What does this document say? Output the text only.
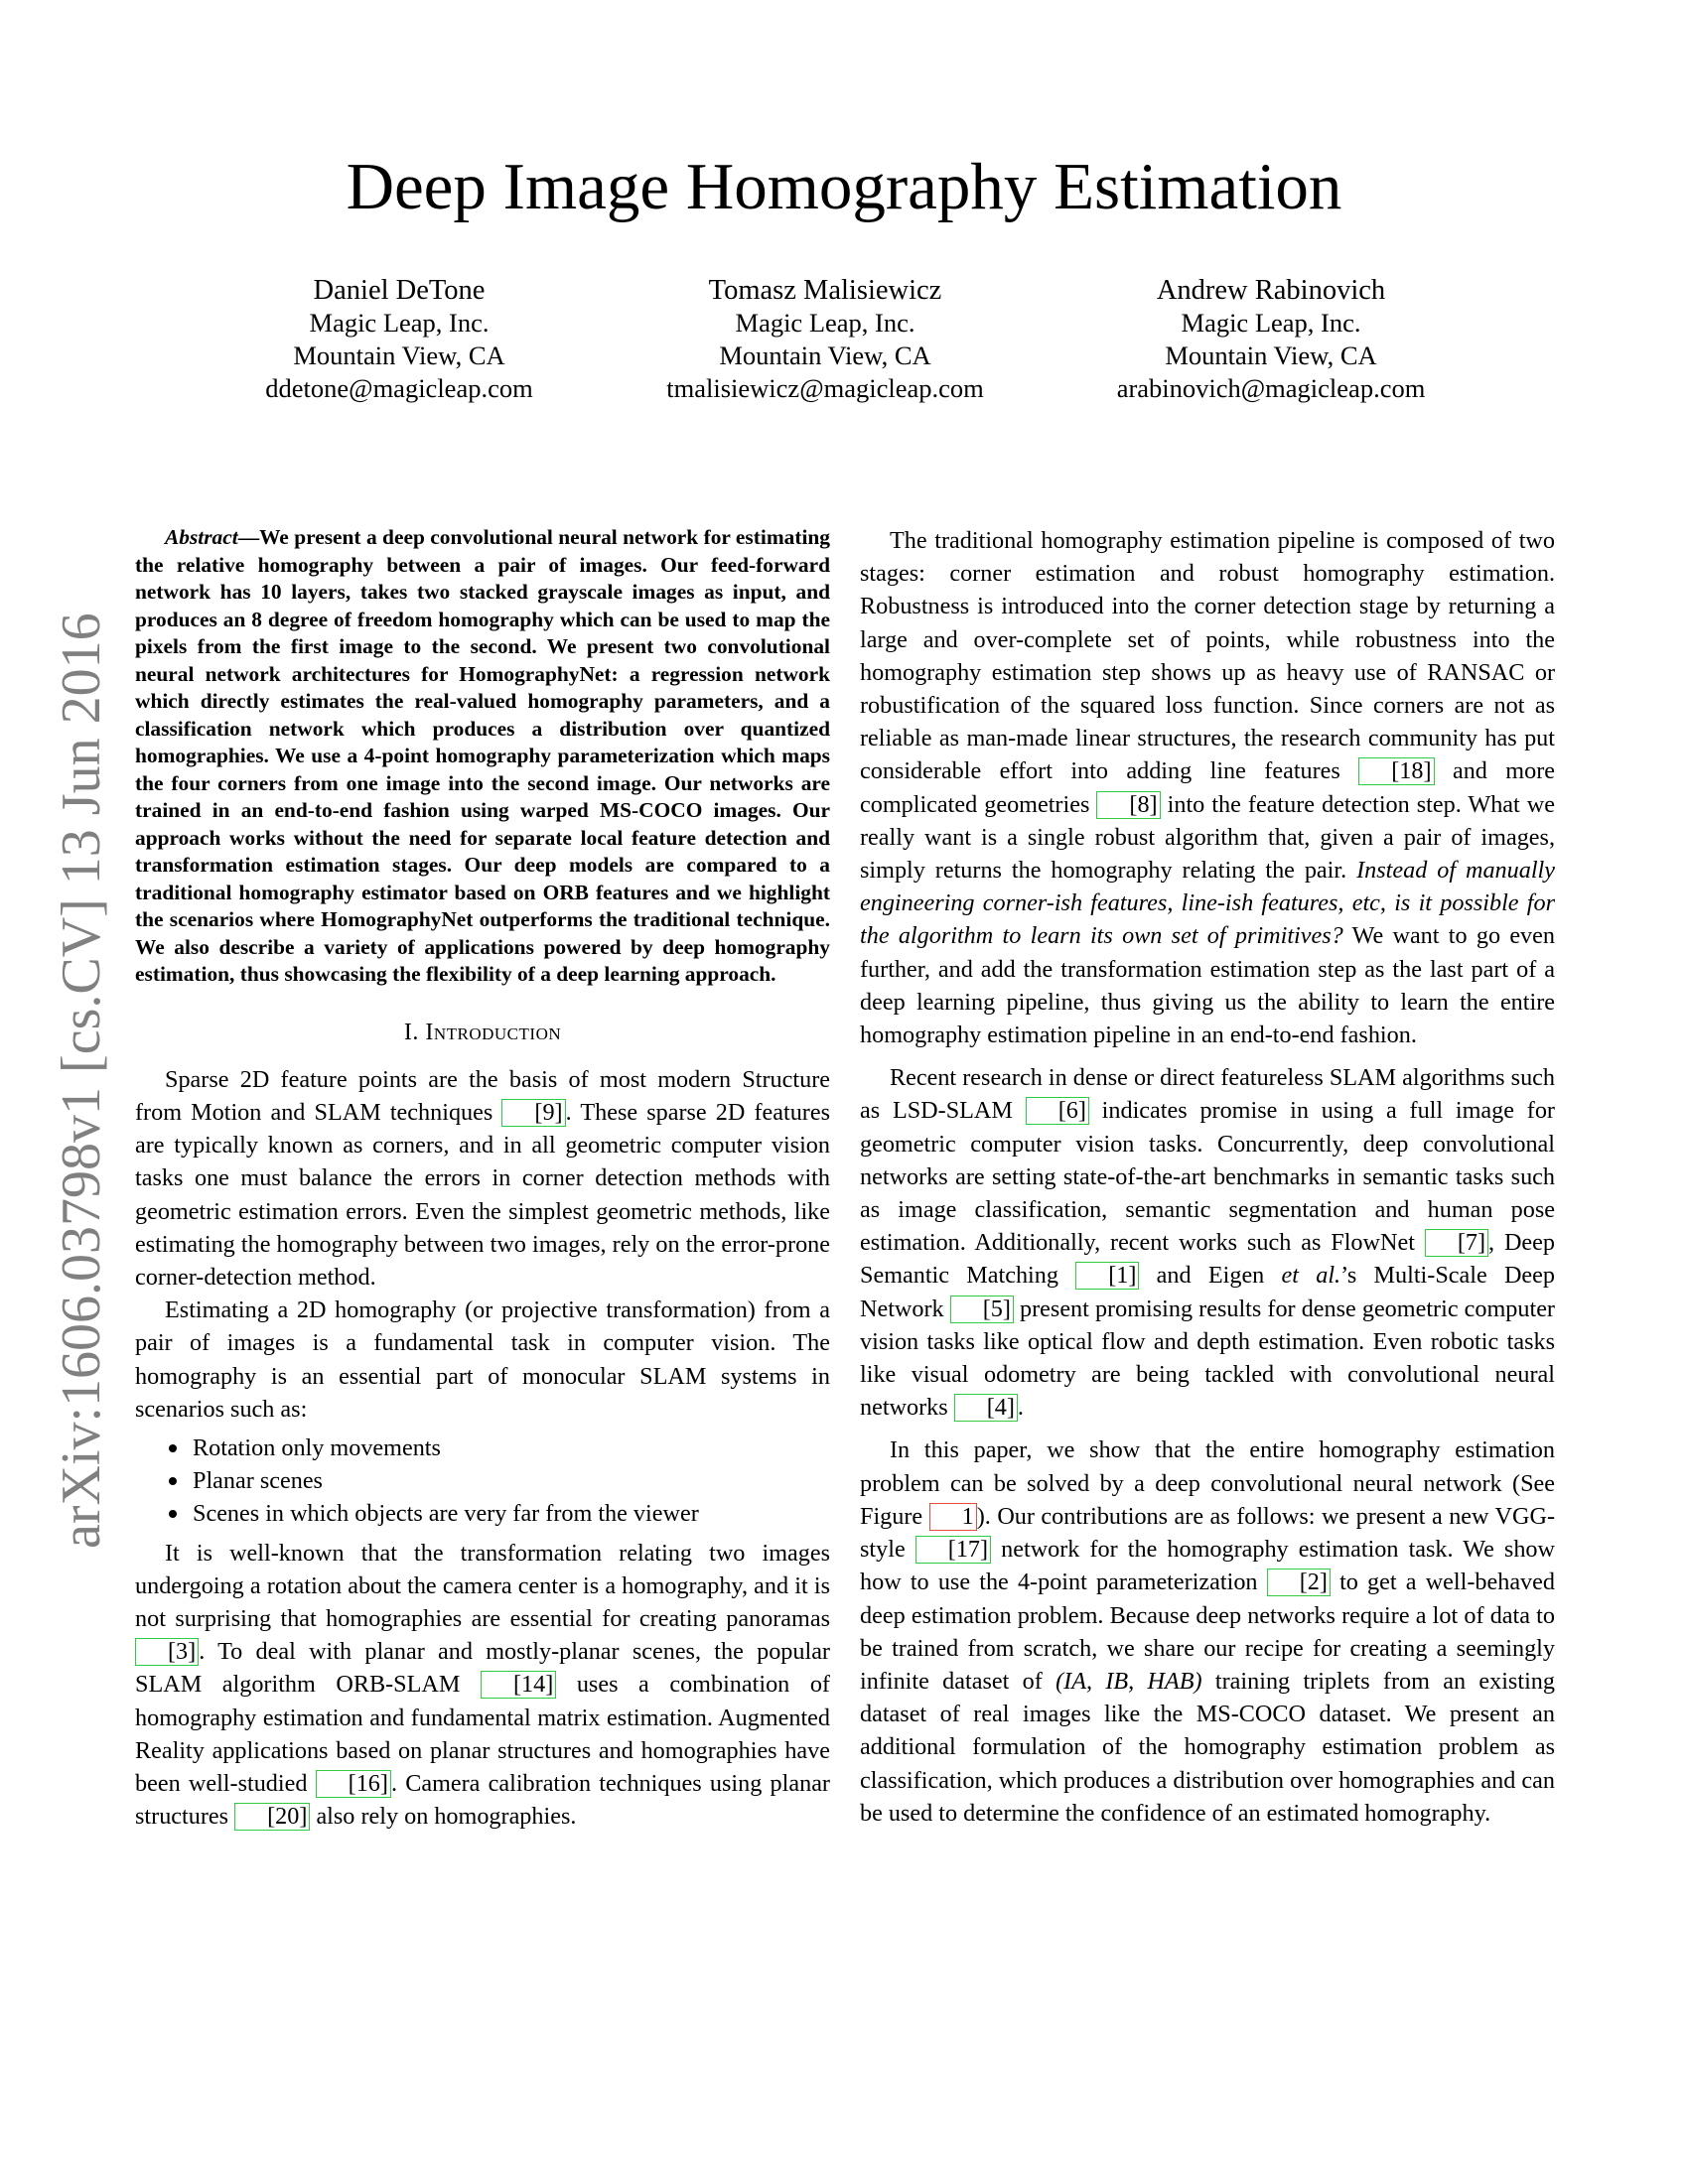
Deep Image Homography Estimation
Daniel DeTone
Magic Leap, Inc.
Mountain View, CA
ddetone@magicleap.com
Tomasz Malisiewicz
Magic Leap, Inc.
Mountain View, CA
tmalisiewicz@magicleap.com
Andrew Rabinovich
Magic Leap, Inc.
Mountain View, CA
arabinovich@magicleap.com
arXiv:1606.03798v1 [cs.CV] 13 Jun 2016

Abstract—We present a deep convolutional neural network for estimating the relative homography between a pair of images. Our feed-forward network has 10 layers, takes two stacked grayscale images as input, and produces an 8 degree of freedom homography which can be used to map the pixels from the first image to the second. We present two convolutional neural network architectures for HomographyNet: a regression network which directly estimates the real-valued homography parameters, and a classification network which produces a distribution over quantized homographies. We use a 4-point homography parameterization which maps the four corners from one image into the second image. Our networks are trained in an end-to-end fashion using warped MS-COCO images. Our approach works without the need for separate local feature detection and transformation estimation stages. Our deep models are compared to a traditional homography estimator based on ORB features and we highlight the scenarios where HomographyNet outperforms the traditional technique. We also describe a variety of applications powered by deep homography estimation, thus showcasing the flexibility of a deep learning approach.

I. Introduction

Sparse 2D feature points are the basis of most modern Structure from Motion and SLAM techniques [9] . These sparse 2D features are typically known as corners, and in all geometric computer vision tasks one must balance the errors in corner detection methods with geometric estimation errors. Even the simplest geometric methods, like estimating the homography between two images, rely on the error-prone corner-detection method.

Estimating a 2D homography (or projective transformation) from a pair of images is a fundamental task in computer vision. The homography is an essential part of monocular SLAM systems in scenarios such as:

Rotation only movements
Planar scenes
Scenes in which objects are very far from the viewer

It is well-known that the transformation relating two images undergoing a rotation about the camera center is a homography, and it is not surprising that homographies are essential for creating panoramas [3] . To deal with planar and mostly-planar scenes, the popular SLAM algorithm ORB-SLAM [14] uses a combination of homography estimation and fundamental matrix estimation. Augmented Reality applications based on planar structures and homographies have been well-studied [16] . Camera calibration techniques using planar structures [20] also rely on homographies.

The traditional homography estimation pipeline is composed of two stages: corner estimation and robust homography estimation. Robustness is introduced into the corner detection stage by returning a large and over-complete set of points, while robustness into the homography estimation step shows up as heavy use of RANSAC or robustification of the squared loss function. Since corners are not as reliable as man-made linear structures, the research community has put considerable effort into adding line features [18] and more complicated geometries [8] into the feature detection step. What we really want is a single robust algorithm that, given a pair of images, simply returns the homography relating the pair. Instead of manually engineering corner-ish features, line-ish features, etc, is it possible for the algorithm to learn its own set of primitives? We want to go even further, and add the transformation estimation step as the last part of a deep learning pipeline, thus giving us the ability to learn the entire homography estimation pipeline in an end-to-end fashion.

Recent research in dense or direct featureless SLAM algorithms such as LSD-SLAM [6] indicates promise in using a full image for geometric computer vision tasks. Concurrently, deep convolutional networks are setting state-of-the-art benchmarks in semantic tasks such as image classification, semantic segmentation and human pose estimation. Additionally, recent works such as FlowNet [7] , Deep Semantic Matching [1] and Eigen et al.’s Multi-Scale Deep Network [5] present promising results for dense geometric computer vision tasks like optical flow and depth estimation. Even robotic tasks like visual odometry are being tackled with convolutional neural networks [4] .

In this paper, we show that the entire homography estimation problem can be solved by a deep convolutional neural network (See Figure 1 ). Our contributions are as follows: we present a new VGG-style [17] network for the homography estimation task. We show how to use the 4-point parameterization [2] to get a well-behaved deep estimation problem. Because deep networks require a lot of data to be trained from scratch, we share our recipe for creating a seemingly infinite dataset of (IA, IB, HAB) training triplets from an existing dataset of real images like the MS-COCO dataset. We present an additional formulation of the homography estimation problem as classification, which produces a distribution over homographies and can be used to determine the confidence of an estimated homography.
